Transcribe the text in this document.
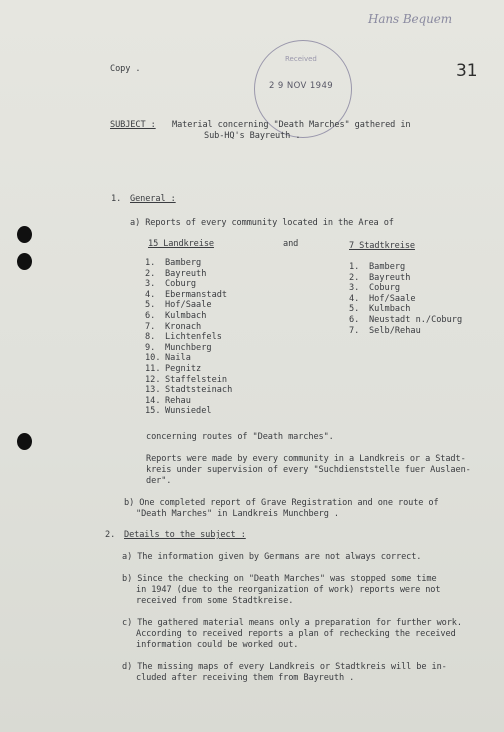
Hans Bequem
31
Received
2 9 NOV 1949
Copy .
SUBJECT : Material concerning "Death Marches" gathered in
Sub-HQ's Bayreuth .
1. General :
a) Reports of every community located in the Area of
15 Landkreise	and	7 Stadtkreise
1. Bamberg
2. Bayreuth
3. Coburg
4. Ebermanstadt
5. Hof/Saale
6. Kulmbach
7. Kronach
8. Lichtenfels
9. Munchberg
10. Naila
11. Pegnitz
12. Staffelstein
13. Stadtsteinach
14. Rehau
15. Wunsiedel
1. Bamberg
2. Bayreuth
3. Coburg
4. Hof/Saale
5. Kulmbach
6. Neustadt n./Coburg
7. Selb/Rehau
concerning routes of "Death marches".
Reports were made by every community in a Landkreis or a Stadt-
kreis under supervision of every "Suchdienststelle fuer Auslaen-
der".
b) One completed report of Grave Registration and one route of
"Death Marches" in Landkreis Munchberg .
2. Details to the subject :
a) The information given by Germans are not always correct.
b) Since the checking on "Death Marches" was stopped some time
in 1947 (due to the reorganization of work) reports were not
received from some Stadtkreise.
c) The gathered material means only a preparation for further work.
According to received reports a plan of rechecking the received
information could be worked out.
d) The missing maps of every Landkreis or Stadtkreis will be in-
cluded after receiving them from Bayreuth .
